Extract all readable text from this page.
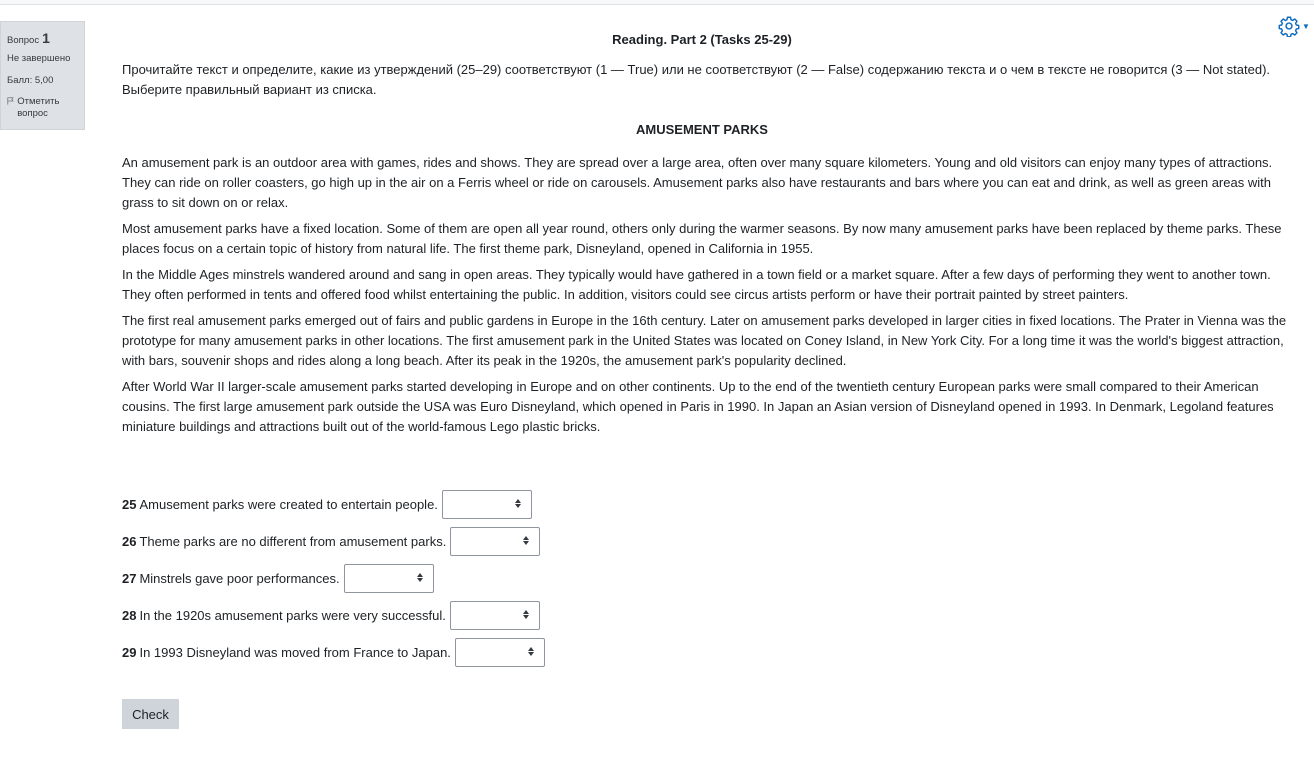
Вопрос 1
Не завершено
Балл: 5,00
Отметить вопрос
▼
Reading. Part 2 (Tasks 25-29)
Прочитайте текст и определите, какие из утверждений (25–29) соответствуют (1 — True) или не соответствуют (2 — False) содержанию текста и о чем в тексте не говорится (3 — Not stated). Выберите правильный вариант из списка.
AMUSEMENT PARKS

An amusement park is an outdoor area with games, rides and shows. They are spread over a large area, often over many square kilometers. Young and old visitors can enjoy many types of attractions. They can ride on roller coasters, go high up in the air on a Ferris wheel or ride on carousels. Amusement parks also have restaurants and bars where you can eat and drink, as well as green areas with grass to sit down on or relax.

Most amusement parks have a fixed location. Some of them are open all year round, others only during the warmer seasons. By now many amusement parks have been replaced by theme parks. These places focus on a certain topic of history from natural life. The first theme park, Disneyland, opened in California in 1955.

In the Middle Ages minstrels wandered around and sang in open areas. They typically would have gathered in a town field or a market square. After a few days of performing they went to another town. They often performed in tents and offered food whilst entertaining the public. In addition, visitors could see circus artists perform or have their portrait painted by street painters.

The first real amusement parks emerged out of fairs and public gardens in Europe in the 16th century. Later on amusement parks developed in larger cities in fixed locations. The Prater in Vienna was the prototype for many amusement parks in other locations. The first amusement park in the United States was located on Coney Island, in New York City. For a long time it was the world's biggest attraction, with bars, souvenir shops and rides along a long beach. After its peak in the 1920s, the amusement park's popularity declined.

After World War II larger-scale amusement parks started developing in Europe and on other continents. Up to the end of the twentieth century European parks were small compared to their American cousins. The first large amusement park outside the USA was Euro Disneyland, which opened in Paris in 1990. In Japan an Asian version of Disneyland opened in 1993. In Denmark, Legoland features miniature buildings and attractions built out of the world-famous Lego plastic bricks.

25 Amusement parks were created to entertain people.
26 Theme parks are no different from amusement parks.
27 Minstrels gave poor performances.
28 In the 1920s amusement parks were very successful.
29 In 1993 Disneyland was moved from France to Japan.
Check
